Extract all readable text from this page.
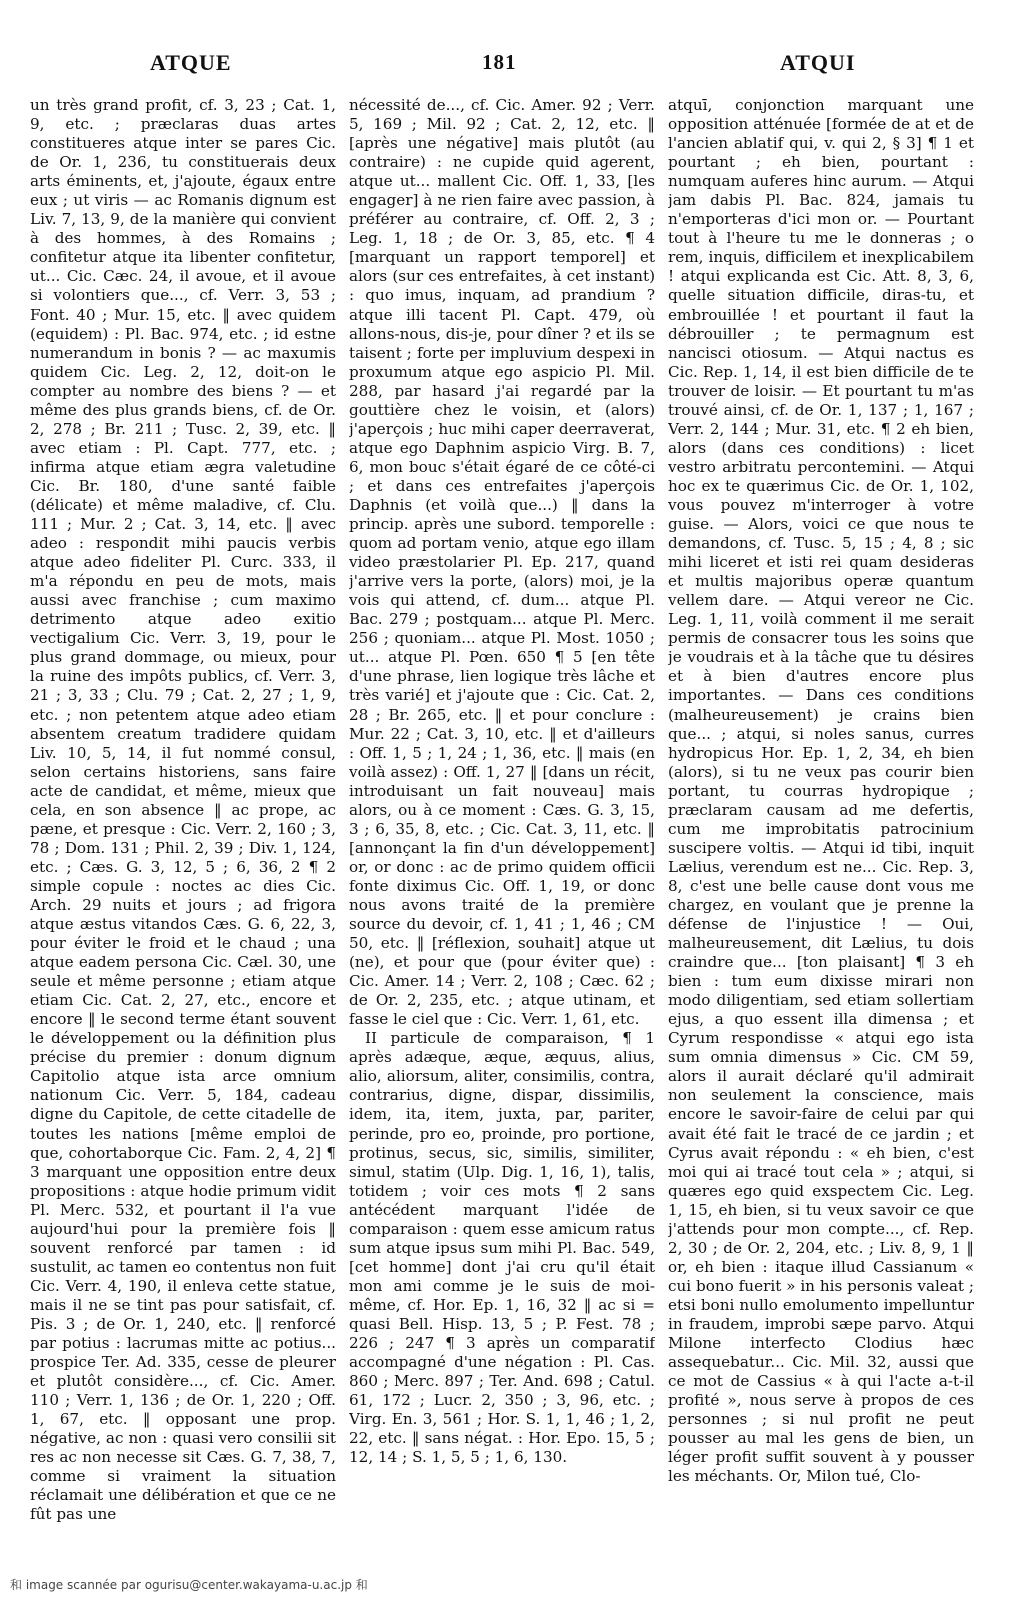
ATQUE	181	ATQUI

un très grand profit, cf. 3, 23 ; Cat. 1, 9, etc. ; præclaras duas artes constitueres atque inter se pares Cic. de Or. 1, 236, tu constituerais deux arts éminents, et, j'ajoute, égaux entre eux ; ut viris — ac Romanis dignum est Liv. 7, 13, 9, de la manière qui convient à des hommes, à des Romains ; confitetur atque ita libenter confitetur, ut... Cic. Cæc. 24, il avoue, et il avoue si volontiers que..., cf. Verr. 3, 53 ; Font. 40 ; Mur. 15, etc. ‖ avec quidem (equidem) : Pl. Bac. 974, etc. ; id estne numerandum in bonis ? — ac maxumis quidem Cic. Leg. 2, 12, doit-on le compter au nombre des biens ? — et même des plus grands biens, cf. de Or. 2, 278 ; Br. 211 ; Tusc. 2, 39, etc. ‖ avec etiam : Pl. Capt. 777, etc. ; infirma atque etiam ægra valetudine Cic. Br. 180, d'une santé faible (délicate) et même maladive, cf. Clu. 111 ; Mur. 2 ; Cat. 3, 14, etc. ‖ avec adeo : respondit mihi paucis verbis atque adeo fideliter Pl. Curc. 333, il m'a répondu en peu de mots, mais aussi avec franchise ; cum maximo detrimento atque adeo exitio vectigalium Cic. Verr. 3, 19, pour le plus grand dommage, ou mieux, pour la ruine des impôts publics, cf. Verr. 3, 21 ; 3, 33 ; Clu. 79 ; Cat. 2, 27 ; 1, 9, etc. ; non petentem atque adeo etiam absentem creatum tradidere quidam Liv. 10, 5, 14, il fut nommé consul, selon certains historiens, sans faire acte de candidat, et même, mieux que cela, en son absence ‖ ac prope, ac pæne, et presque : Cic. Verr. 2, 160 ; 3, 78 ; Dom. 131 ; Phil. 2, 39 ; Div. 1, 124, etc. ; Cæs. G. 3, 12, 5 ; 6, 36, 2 ¶ 2 simple copule : noctes ac dies Cic. Arch. 29 nuits et jours ; ad frigora atque æstus vitandos Cæs. G. 6, 22, 3, pour éviter le froid et le chaud ; una atque eadem persona Cic. Cæl. 30, une seule et même personne ; etiam atque etiam Cic. Cat. 2, 27, etc., encore et encore ‖ le second terme étant souvent le développement ou la définition plus précise du premier : donum dignum Capitolio atque ista arce omnium nationum Cic. Verr. 5, 184, cadeau digne du Capitole, de cette citadelle de toutes les nations [même emploi de que, cohortaborque Cic. Fam. 2, 4, 2] ¶ 3 marquant une opposition entre deux propositions : atque hodie primum vidit Pl. Merc. 532, et pourtant il l'a vue aujourd'hui pour la première fois ‖ souvent renforcé par tamen : id sustulit, ac tamen eo contentus non fuit Cic. Verr. 4, 190, il enleva cette statue, mais il ne se tint pas pour satisfait, cf. Pis. 3 ; de Or. 1, 240, etc. ‖ renforcé par potius : lacrumas mitte ac potius... prospice Ter. Ad. 335, cesse de pleurer et plutôt considère..., cf. Cic. Amer. 110 ; Verr. 1, 136 ; de Or. 1, 220 ; Off. 1, 67, etc. ‖ opposant une prop. négative, ac non : quasi vero consilii sit res ac non necesse sit Cæs. G. 7, 38, 7, comme si vraiment la situation réclamait une délibération et que ce ne fût pas une

nécessité de..., cf. Cic. Amer. 92 ; Verr. 5, 169 ; Mil. 92 ; Cat. 2, 12, etc. ‖ [après une négative] mais plutôt (au contraire) : ne cupide quid agerent, atque ut... mallent Cic. Off. 1, 33, [les engager] à ne rien faire avec passion, à préférer au contraire, cf. Off. 2, 3 ; Leg. 1, 18 ; de Or. 3, 85, etc. ¶ 4 [marquant un rapport temporel] et alors (sur ces entrefaites, à cet instant) : quo imus, inquam, ad prandium ? atque illi tacent Pl. Capt. 479, où allons-nous, dis-je, pour dîner ? et ils se taisent ; forte per impluvium despexi in proxumum atque ego aspicio Pl. Mil. 288, par hasard j'ai regardé par la gouttière chez le voisin, et (alors) j'aperçois ; huc mihi caper deerraverat, atque ego Daphnim aspicio Virg. B. 7, 6, mon bouc s'était égaré de ce côté-ci ; et dans ces entrefaites j'aperçois Daphnis (et voilà que...) ‖ dans la princip. après une subord. temporelle : quom ad portam venio, atque ego illam video præstolarier Pl. Ep. 217, quand j'arrive vers la porte, (alors) moi, je la vois qui attend, cf. dum... atque Pl. Bac. 279 ; postquam... atque Pl. Merc. 256 ; quoniam... atque Pl. Most. 1050 ; ut... atque Pl. Pœn. 650 ¶ 5 [en tête d'une phrase, lien logique très lâche et très varié] et j'ajoute que : Cic. Cat. 2, 28 ; Br. 265, etc. ‖ et pour conclure : Mur. 22 ; Cat. 3, 10, etc. ‖ et d'ailleurs : Off. 1, 5 ; 1, 24 ; 1, 36, etc. ‖ mais (en voilà assez) : Off. 1, 27 ‖ [dans un récit, introduisant un fait nouveau] mais alors, ou à ce moment : Cæs. G. 3, 15, 3 ; 6, 35, 8, etc. ; Cic. Cat. 3, 11, etc. ‖ [annonçant la fin d'un développement] or, or donc : ac de primo quidem officii fonte diximus Cic. Off. 1, 19, or donc nous avons traité de la première source du devoir, cf. 1, 41 ; 1, 46 ; CM 50, etc. ‖ [réflexion, souhait] atque ut (ne), et pour que (pour éviter que) : Cic. Amer. 14 ; Verr. 2, 108 ; Cæc. 62 ; de Or. 2, 235, etc. ; atque utinam, et fasse le ciel que : Cic. Verr. 1, 61, etc.

II particule de comparaison, ¶ 1 après adæque, æque, æquus, alius, alio, aliorsum, aliter, consimilis, contra, contrarius, digne, dispar, dissimilis, idem, ita, item, juxta, par, pariter, perinde, pro eo, proinde, pro portione, protinus, secus, sic, similis, similiter, simul, statim (Ulp. Dig. 1, 16, 1), talis, totidem ; voir ces mots ¶ 2 sans antécédent marquant l'idée de comparaison : quem esse amicum ratus sum atque ipsus sum mihi Pl. Bac. 549, [cet homme] dont j'ai cru qu'il était mon ami comme je le suis de moi-même, cf. Hor. Ep. 1, 16, 32 ‖ ac si = quasi Bell. Hisp. 13, 5 ; P. Fest. 78 ; 226 ; 247 ¶ 3 après un comparatif accompagné d'une négation : Pl. Cas. 860 ; Merc. 897 ; Ter. And. 698 ; Catul. 61, 172 ; Lucr. 2, 350 ; 3, 96, etc. ; Virg. En. 3, 561 ; Hor. S. 1, 1, 46 ; 1, 2, 22, etc. ‖ sans négat. : Hor. Epo. 15, 5 ; 12, 14 ; S. 1, 5, 5 ; 1, 6, 130.

atquī, conjonction marquant une opposition atténuée [formée de at et de l'ancien ablatif qui, v. qui 2, § 3] ¶ 1 et pourtant ; eh bien, pourtant : numquam auferes hinc aurum. — Atqui jam dabis Pl. Bac. 824, jamais tu n'emporteras d'ici mon or. — Pourtant tout à l'heure tu me le donneras ; o rem, inquis, difficilem et inexplicabilem ! atqui explicanda est Cic. Att. 8, 3, 6, quelle situation difficile, diras-tu, et embrouillée ! et pourtant il faut la débrouiller ; te permagnum est nancisci otiosum. — Atqui nactus es Cic. Rep. 1, 14, il est bien difficile de te trouver de loisir. — Et pourtant tu m'as trouvé ainsi, cf. de Or. 1, 137 ; 1, 167 ; Verr. 2, 144 ; Mur. 31, etc. ¶ 2 eh bien, alors (dans ces conditions) : licet vestro arbitratu percontemini. — Atqui hoc ex te quærimus Cic. de Or. 1, 102, vous pouvez m'interroger à votre guise. — Alors, voici ce que nous te demandons, cf. Tusc. 5, 15 ; 4, 8 ; sic mihi liceret et isti rei quam desideras et multis majoribus operæ quantum vellem dare. — Atqui vereor ne Cic. Leg. 1, 11, voilà comment il me serait permis de consacrer tous les soins que je voudrais et à la tâche que tu désires et à bien d'autres encore plus importantes. — Dans ces conditions (malheureusement) je crains bien que... ; atqui, si noles sanus, curres hydropicus Hor. Ep. 1, 2, 34, eh bien (alors), si tu ne veux pas courir bien portant, tu courras hydropique ; præclaram causam ad me defertis, cum me improbitatis patrocinium suscipere voltis. — Atqui id tibi, inquit Lælius, verendum est ne... Cic. Rep. 3, 8, c'est une belle cause dont vous me chargez, en voulant que je prenne la défense de l'injustice ! — Oui, malheureusement, dit Lælius, tu dois craindre que... [ton plaisant] ¶ 3 eh bien : tum eum dixisse mirari non modo diligentiam, sed etiam sollertiam ejus, a quo essent illa dimensa ; et Cyrum respondisse « atqui ego ista sum omnia dimensus » Cic. CM 59, alors il aurait déclaré qu'il admirait non seulement la conscience, mais encore le savoir-faire de celui par qui avait été fait le tracé de ce jardin ; et Cyrus avait répondu : « eh bien, c'est moi qui ai tracé tout cela » ; atqui, si quæres ego quid exspectem Cic. Leg. 1, 15, eh bien, si tu veux savoir ce que j'attends pour mon compte..., cf. Rep. 2, 30 ; de Or. 2, 204, etc. ; Liv. 8, 9, 1 ‖ or, eh bien : itaque illud Cassianum « cui bono fuerit » in his personis valeat ; etsi boni nullo emolumento impelluntur in fraudem, improbi sæpe parvo. Atqui Milone interfecto Clodius hæc assequebatur... Cic. Mil. 32, aussi que ce mot de Cassius « à qui l'acte a-t-il profité », nous serve à propos de ces personnes ; si nul profit ne peut pousser au mal les gens de bien, un léger profit suffit souvent à y pousser les méchants. Or, Milon tué, Clo-

和 image scannée par ogurisu@center.wakayama-u.ac.jp 和
